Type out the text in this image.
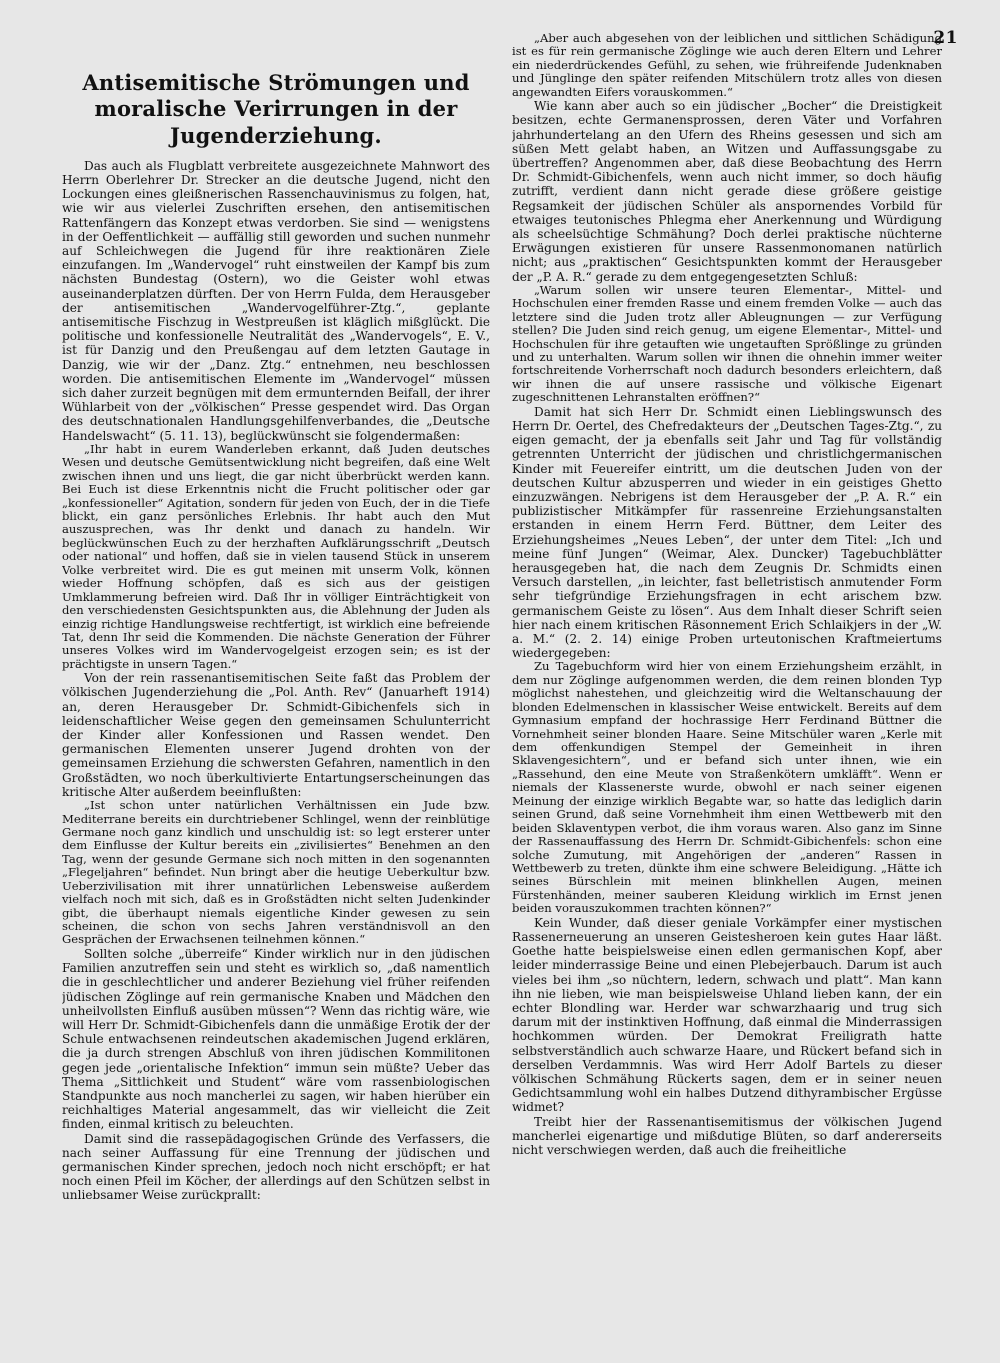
21
Antisemitische Strömungen und moralische Verirrungen in der Jugenderziehung.

Das auch als Flugblatt verbreitete ausgezeichnete Mahnwort des Herrn Oberlehrer Dr. Strecker an die deutsche Jugend, nicht den Lockungen eines gleißnerischen Rassenchauvinismus zu folgen, hat, wie wir aus vielerlei Zuschriften ersehen, den antisemitischen Rattenfängern das Konzept etwas verdorben. Sie sind — wenigstens in der Oeffentlichkeit — auffällig still geworden und suchen nunmehr auf Schleichwegen die Jugend für ihre reaktionären Ziele einzufangen. Im „Wandervogel“ ruht einstweilen der Kampf bis zum nächsten Bundestag (Ostern), wo die Geister wohl etwas auseinanderplatzen dürften. Der von Herrn Fulda, dem Herausgeber der antisemitischen „Wandervogelführer-Ztg.“, geplante antisemitische Fischzug in Westpreußen ist kläglich mißglückt. Die politische und konfessionelle Neutralität des „Wandervogels“, E. V., ist für Danzig und den Preußengau auf dem letzten Gautage in Danzig, wie wir der „Danz. Ztg.“ entnehmen, neu beschlossen worden. Die antisemitischen Elemente im „Wandervogel“ müssen sich daher zurzeit begnügen mit dem ermunternden Beifall, der ihrer Wühlarbeit von der „völkischen“ Presse gespendet wird. Das Organ des deutschnationalen Handlungsgehilfenverbandes, die „Deutsche Handelswacht“ (5. 11. 13), beglückwünscht sie folgendermaßen:

„Ihr habt in eurem Wanderleben erkannt, daß Juden deutsches Wesen und deutsche Gemütsentwicklung nicht begreifen, daß eine Welt zwischen ihnen und uns liegt, die gar nicht überbrückt werden kann. Bei Euch ist diese Erkenntnis nicht die Frucht politischer oder gar „konfessioneller“ Agitation, sondern für jeden von Euch, der in die Tiefe blickt, ein ganz persönliches Erlebnis. Ihr habt auch den Mut auszusprechen, was Ihr denkt und danach zu handeln. Wir beglückwünschen Euch zu der herzhaften Aufklärungsschrift „Deutsch oder national“ und hoffen, daß sie in vielen tausend Stück in unserem Volke verbreitet wird. Die es gut meinen mit unserm Volk, können wieder Hoffnung schöpfen, daß es sich aus der geistigen Umklammerung befreien wird. Daß Ihr in völliger Einträchtigkeit von den verschiedensten Gesichtspunkten aus, die Ablehnung der Juden als einzig richtige Handlungsweise rechtfertigt, ist wirklich eine befreiende Tat, denn Ihr seid die Kommenden. Die nächste Generation der Führer unseres Volkes wird im Wandervogelgeist erzogen sein; es ist der prächtigste in unsern Tagen.“

Von der rein rassenantisemitischen Seite faßt das Problem der völkischen Jugenderziehung die „Pol. Anth. Rev“ (Januarheft 1914) an, deren Herausgeber Dr. Schmidt-Gibichenfels sich in leidenschaftlicher Weise gegen den gemeinsamen Schulunterricht der Kinder aller Konfessionen und Rassen wendet. Den germanischen Elementen unserer Jugend drohten von der gemeinsamen Erziehung die schwersten Gefahren, namentlich in den Großstädten, wo noch überkultivierte Entartungserscheinungen das kritische Alter außerdem beeinflußten:

„Ist schon unter natürlichen Verhältnissen ein Jude bzw. Mediterrane bereits ein durchtriebener Schlingel, wenn der reinblütige Germane noch ganz kindlich und unschuldig ist: so legt ersterer unter dem Einflusse der Kultur bereits ein „zivilisiertes“ Benehmen an den Tag, wenn der gesunde Germane sich noch mitten in den sogenannten „Flegeljahren“ befindet. Nun bringt aber die heutige Ueberkultur bzw. Ueberzivilisation mit ihrer unnatürlichen Lebensweise außerdem vielfach noch mit sich, daß es in Großstädten nicht selten Judenkinder gibt, die überhaupt niemals eigentliche Kinder gewesen zu sein scheinen, die schon von sechs Jahren verständnisvoll an den Gesprächen der Erwachsenen teilnehmen können.“

Sollten solche „überreife“ Kinder wirklich nur in den jüdischen Familien anzutreffen sein und steht es wirklich so, „daß namentlich die in geschlechtlicher und anderer Beziehung viel früher reifenden jüdischen Zöglinge auf rein germanische Knaben und Mädchen den unheilvollsten Einfluß ausüben müssen“? Wenn das richtig wäre, wie will Herr Dr. Schmidt-Gibichenfels dann die unmäßige Erotik der der Schule entwachsenen reindeutschen akademischen Jugend erklären, die ja durch strengen Abschluß von ihren jüdischen Kommilitonen gegen jede „orientalische Infektion“ immun sein müßte? Ueber das Thema „Sittlichkeit und Student“ wäre vom rassenbiologischen Standpunkte aus noch mancherlei zu sagen, wir haben hierüber ein reichhaltiges Material angesammelt, das wir vielleicht die Zeit finden, einmal kritisch zu beleuchten.

Damit sind die rassepädagogischen Gründe des Verfassers, die nach seiner Auffassung für eine Trennung der jüdischen und germanischen Kinder sprechen, jedoch noch nicht erschöpft; er hat noch einen Pfeil im Köcher, der allerdings auf den Schützen selbst in unliebsamer Weise zurückprallt:

„Aber auch abgesehen von der leiblichen und sittlichen Schädigung ist es für rein germanische Zöglinge wie auch deren Eltern und Lehrer ein niederdrückendes Gefühl, zu sehen, wie frühreifende Judenknaben und Jünglinge den später reifenden Mitschülern trotz alles von diesen angewandten Eifers vorauskommen.“

Wie kann aber auch so ein jüdischer „Bocher“ die Dreistigkeit besitzen, echte Germanensprossen, deren Väter und Vorfahren jahrhundertelang an den Ufern des Rheins gesessen und sich am süßen Mett gelabt haben, an Witzen und Auffassungsgabe zu übertreffen? Angenommen aber, daß diese Beobachtung des Herrn Dr. Schmidt-Gibichenfels, wenn auch nicht immer, so doch häufig zutrifft, verdient dann nicht gerade diese größere geistige Regsamkeit der jüdischen Schüler als anspornendes Vorbild für etwaiges teutonisches Phlegma eher Anerkennung und Würdigung als scheelsüchtige Schmähung? Doch derlei praktische nüchterne Erwägungen existieren für unsere Rassenmonomanen natürlich nicht; aus „praktischen“ Gesichtspunkten kommt der Herausgeber der „P. A. R.“ gerade zu dem entgegengesetzten Schluß:

„Warum sollen wir unsere teuren Elementar-, Mittel- und Hochschulen einer fremden Rasse und einem fremden Volke — auch das letztere sind die Juden trotz aller Ableugnungen — zur Verfügung stellen? Die Juden sind reich genug, um eigene Elementar-, Mittel- und Hochschulen für ihre getauften wie ungetauften Sprößlinge zu gründen und zu unterhalten. Warum sollen wir ihnen die ohnehin immer weiter fortschreitende Vorherrschaft noch dadurch besonders erleichtern, daß wir ihnen die auf unsere rassische und völkische Eigenart zugeschnittenen Lehranstalten eröffnen?“

Damit hat sich Herr Dr. Schmidt einen Lieblingswunsch des Herrn Dr. Oertel, des Chefredakteurs der „Deutschen Tages-Ztg.“, zu eigen gemacht, der ja ebenfalls seit Jahr und Tag für vollständig getrennten Unterricht der jüdischen und christlichgermanischen Kinder mit Feuereifer eintritt, um die deutschen Juden von der deutschen Kultur abzusperren und wieder in ein geistiges Ghetto einzuzwängen. Nebrigens ist dem Herausgeber der „P. A. R.“ ein publizistischer Mitkämpfer für rassenreine Erziehungsanstalten erstanden in einem Herrn Ferd. Büttner, dem Leiter des Erziehungsheimes „Neues Leben“, der unter dem Titel: „Ich und meine fünf Jungen“ (Weimar, Alex. Duncker) Tagebuchblätter herausgegeben hat, die nach dem Zeugnis Dr. Schmidts einen Versuch darstellen, „in leichter, fast belletristisch anmutender Form sehr tiefgründige Erziehungsfragen in echt arischem bzw. germanischem Geiste zu lösen“. Aus dem Inhalt dieser Schrift seien hier nach einem kritischen Räsonnement Erich Schlaikjers in der „W. a. M.“ (2. 2. 14) einige Proben urteutonischen Kraftmeiertums wiedergegeben:

Zu Tagebuchform wird hier von einem Erziehungsheim erzählt, in dem nur Zöglinge aufgenommen werden, die dem reinen blonden Typ möglichst nahestehen, und gleichzeitig wird die Weltanschauung der blonden Edelmenschen in klassischer Weise entwickelt. Bereits auf dem Gymnasium empfand der hochrassige Herr Ferdinand Büttner die Vornehmheit seiner blonden Haare. Seine Mitschüler waren „Kerle mit dem offenkundigen Stempel der Gemeinheit in ihren Sklavengesichtern“, und er befand sich unter ihnen, wie ein „Rassehund, den eine Meute von Straßenkötern umkläfft“. Wenn er niemals der Klassenerste wurde, obwohl er nach seiner eigenen Meinung der einzige wirklich Begabte war, so hatte das lediglich darin seinen Grund, daß seine Vornehmheit ihm einen Wettbewerb mit den beiden Sklaventypen verbot, die ihm voraus waren. Also ganz im Sinne der Rassenauffassung des Herrn Dr. Schmidt-Gibichenfels: schon eine solche Zumutung, mit Angehörigen der „anderen“ Rassen in Wettbewerb zu treten, dünkte ihm eine schwere Beleidigung. „Hätte ich seines Bürschlein mit meinen blinkhellen Augen, meinen Fürstenhänden, meiner sauberen Kleidung wirklich im Ernst jenen beiden vorauszukommen trachten können?“

Kein Wunder, daß dieser geniale Vorkämpfer einer mystischen Rassenerneuerung an unseren Geistesheroen kein gutes Haar läßt. Goethe hatte beispielsweise einen edlen germanischen Kopf, aber leider minderrassige Beine und einen Plebejerbauch. Darum ist auch vieles bei ihm „so nüchtern, ledern, schwach und platt“. Man kann ihn nie lieben, wie man beispielsweise Uhland lieben kann, der ein echter Blondling war. Herder war schwarzhaarig und trug sich darum mit der instinktiven Hoffnung, daß einmal die Minderrassigen hochkommen würden. Der Demokrat Freiligrath hatte selbstverständlich auch schwarze Haare, und Rückert befand sich in derselben Verdammnis. Was wird Herr Adolf Bartels zu dieser völkischen Schmähung Rückerts sagen, dem er in seiner neuen Gedichtsammlung wohl ein halbes Dutzend dithyrambischer Ergüsse widmet?

Treibt hier der Rassenantisemitismus der völkischen Jugend mancherlei eigenartige und mißdutige Blüten, so darf andererseits nicht verschwiegen werden, daß auch die freiheitliche
